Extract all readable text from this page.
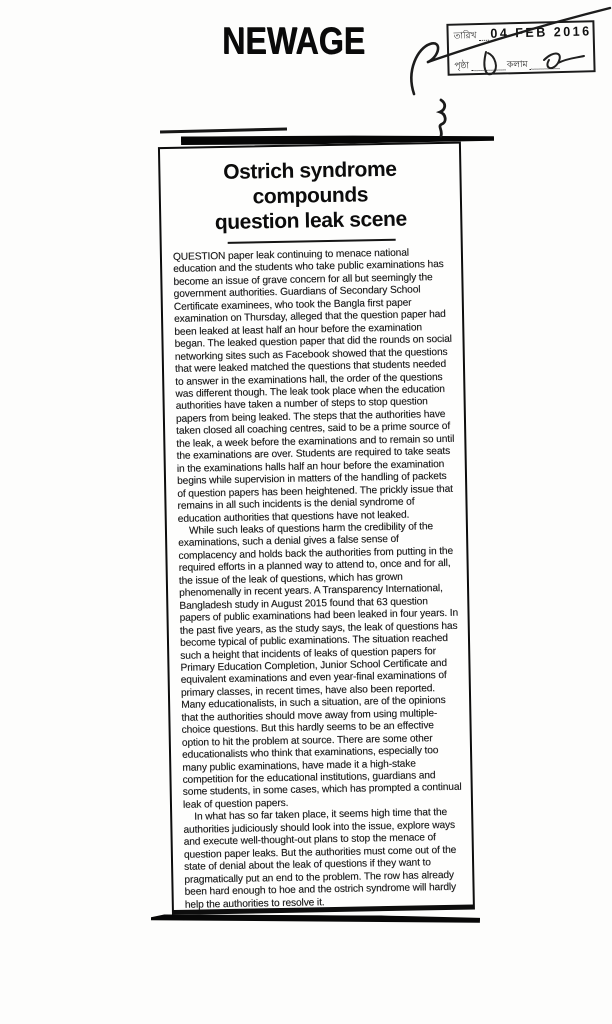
NEWAGE	তারিখ 04 FEB 2016
পৃষ্ঠা	কলাম
Ostrich syndrome compounds
question leak scene

QUESTION paper leak continuing to menace national education and the students who take public examinations has become an issue of grave concern for all but seemingly the government authorities. Guardians of Secondary School Certificate examinees, who took the Bangla first paper examination on Thursday, alleged that the question paper had been leaked at least half an hour before the examination began. The leaked question paper that did the rounds on social networking sites such as Facebook showed that the questions that were leaked matched the questions that students needed to answer in the examinations hall, the order of the questions was different though. The leak took place when the education authorities have taken a number of steps to stop question papers from being leaked. The steps that the authorities have taken closed all coaching centres, said to be a prime source of the leak, a week before the examinations and to remain so until the examinations are over. Students are required to take seats in the examinations halls half an hour before the examination begins while supervision in matters of the handling of packets of question papers has been heightened. The prickly issue that remains in all such incidents is the denial syndrome of education authorities that questions have not leaked.

While such leaks of questions harm the credibility of the examinations, such a denial gives a false sense of complacency and holds back the authorities from putting in the required efforts in a planned way to attend to, once and for all, the issue of the leak of questions, which has grown phenomenally in recent years. A Transparency International, Bangladesh study in August 2015 found that 63 question papers of public examinations had been leaked in four years. In the past five years, as the study says, the leak of questions has become typical of public examinations. The situation reached such a height that incidents of leaks of question papers for Primary Education Completion, Junior School Certificate and equivalent examinations and even year-final examinations of primary classes, in recent times, have also been reported. Many educationalists, in such a situation, are of the opinions that the authorities should move away from using multiple-choice questions. But this hardly seems to be an effective option to hit the problem at source. There are some other educationalists who think that examinations, especially too many public examinations, have made it a high-stake competition for the educational institutions, guardians and some students, in some cases, which has prompted a continual leak of question papers.

In what has so far taken place, it seems high time that the authorities judiciously should look into the issue, explore ways and execute well-thought-out plans to stop the menace of question paper leaks. But the authorities must come out of the state of denial about the leak of questions if they want to pragmatically put an end to the problem. The row has already been hard enough to hoe and the ostrich syndrome will hardly help the authorities to resolve it.
